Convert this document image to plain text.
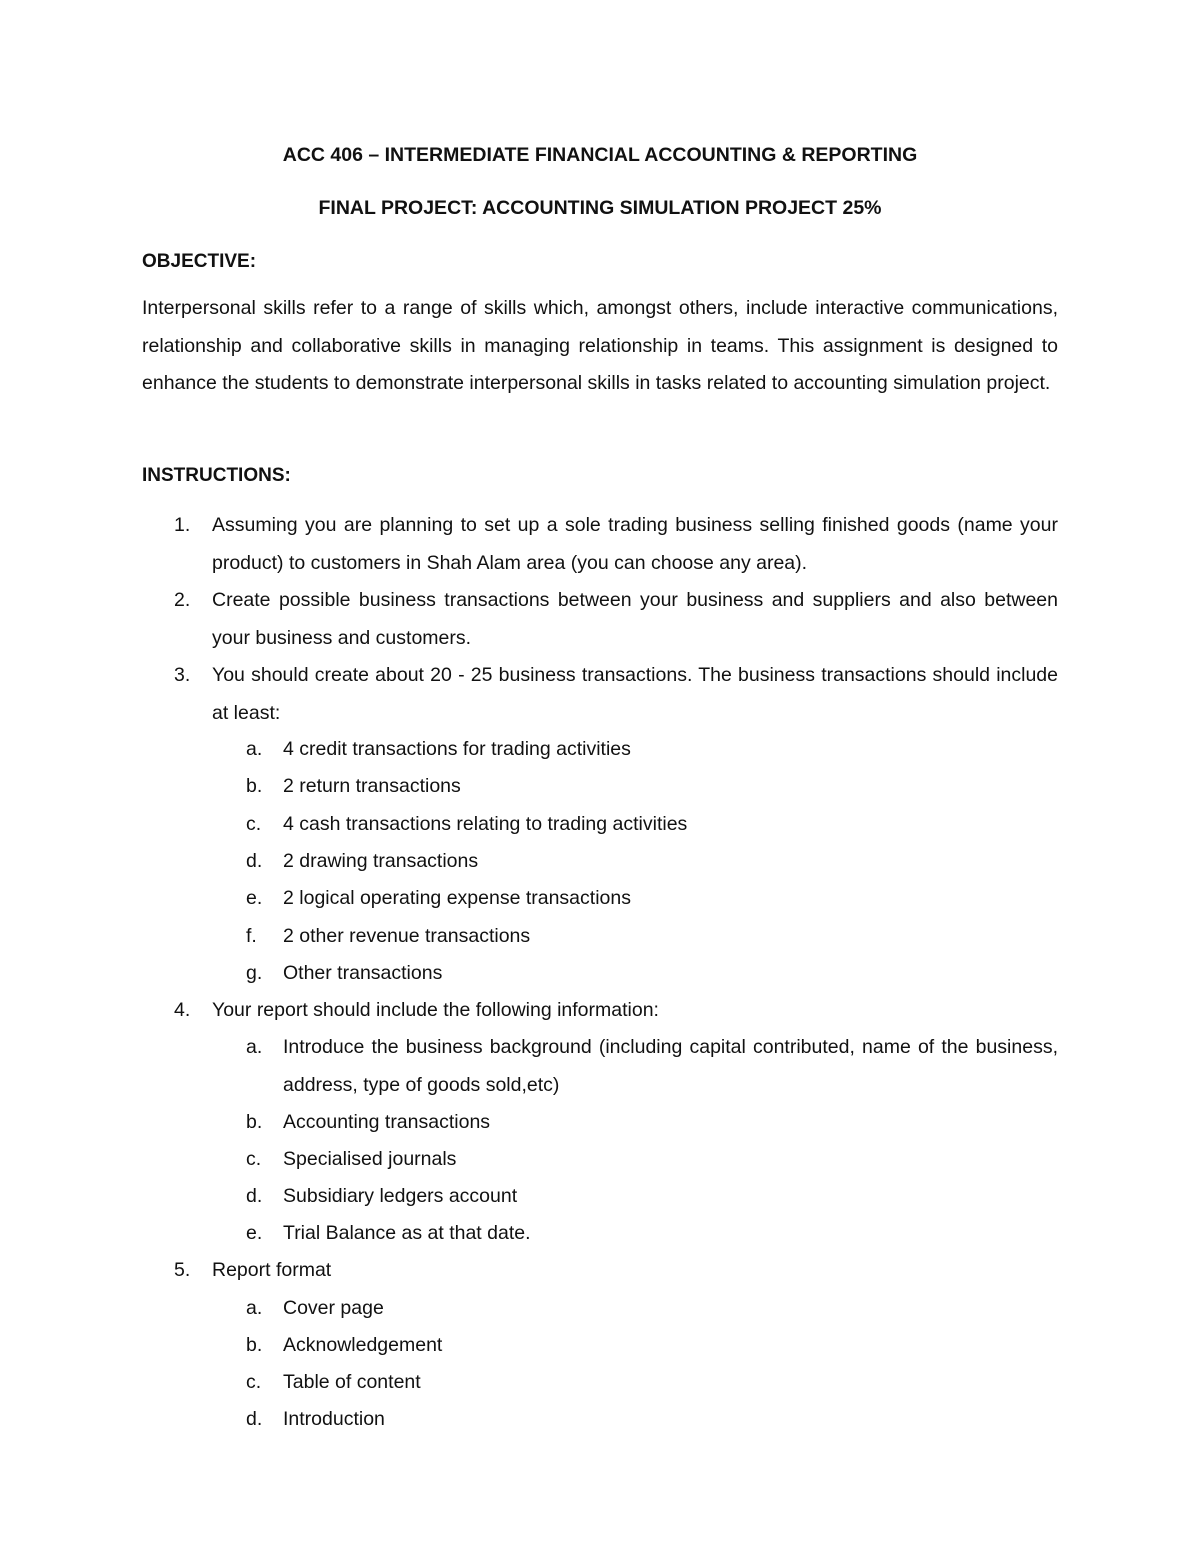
ACC 406 – INTERMEDIATE FINANCIAL ACCOUNTING & REPORTING
FINAL PROJECT: ACCOUNTING SIMULATION PROJECT 25%
OBJECTIVE:

Interpersonal skills refer to a range of skills which, amongst others, include interactive communications, relationship and collaborative skills in managing relationship in teams. This assignment is designed to enhance the students to demonstrate interpersonal skills in tasks related to accounting simulation project.

INSTRUCTIONS:
1. Assuming you are planning to set up a sole trading business selling finished goods (name your product) to customers in Shah Alam area (you can choose any area).
2. Create possible business transactions between your business and suppliers and also between your business and customers.
3. You should create about 20 - 25 business transactions. The business transactions should include at least:
a. 4 credit transactions for trading activities
b. 2 return transactions
c. 4 cash transactions relating to trading activities
d. 2 drawing transactions
e. 2 logical operating expense transactions
f. 2 other revenue transactions
g. Other transactions
4. Your report should include the following information:
a. Introduce the business background (including capital contributed, name of the business, address, type of goods sold,etc)
b. Accounting transactions
c. Specialised journals
d. Subsidiary ledgers account
e. Trial Balance as at that date.
5. Report format
a. Cover page
b. Acknowledgement
c. Table of content
d. Introduction
